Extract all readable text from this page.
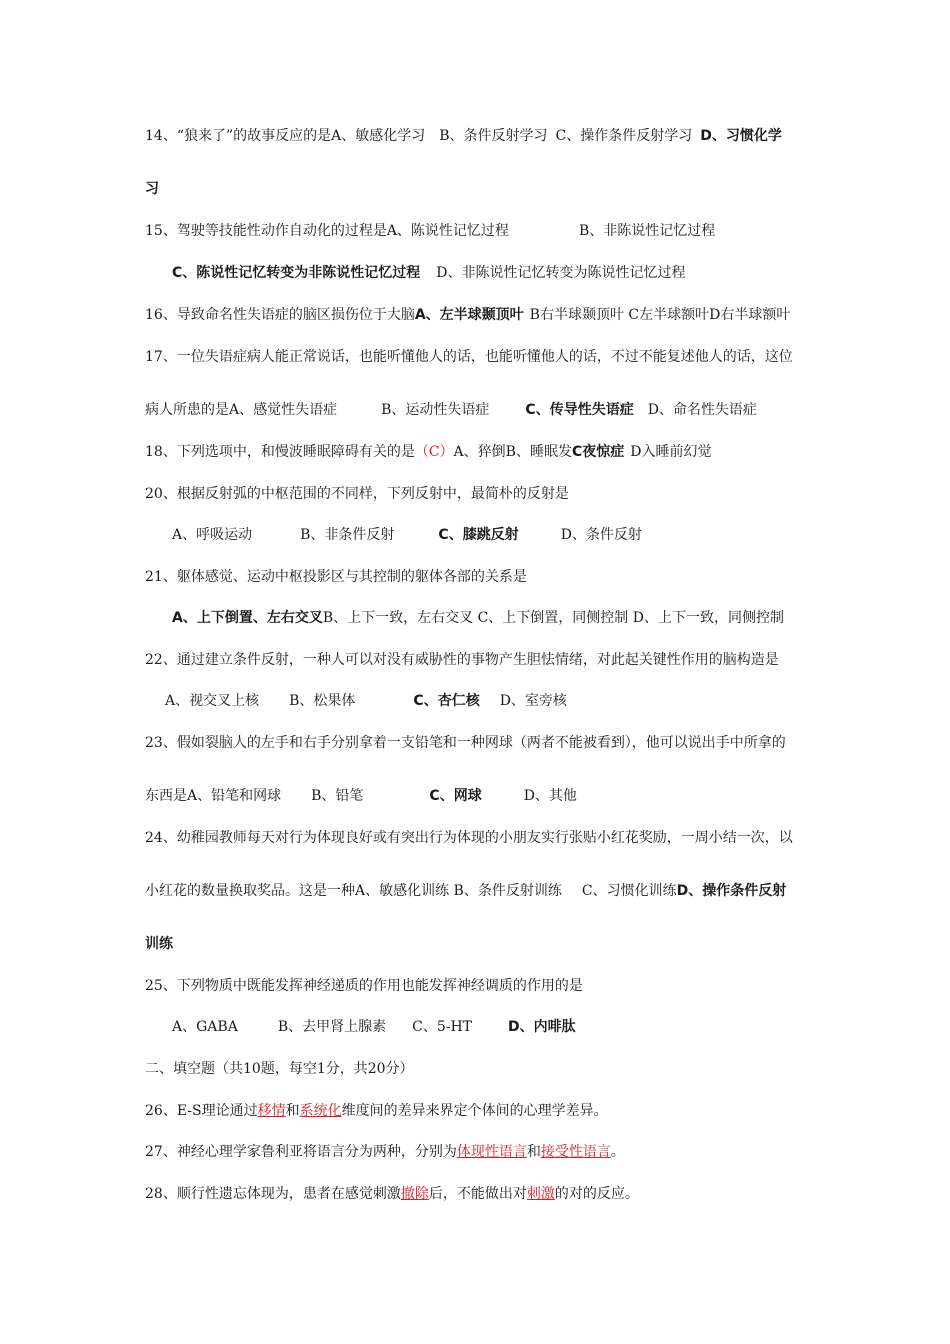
14、“狼来了”的故事反应的是A、敏感化学习 B、条件反射学习 C、操作条件反射学习 D、习惯化学
习
15、驾驶等技能性动作自动化的过程是A、陈说性记忆过程	B、非陈说性记忆过程
C、陈说性记忆转变为非陈说性记忆过程 D、非陈说性记忆转变为陈说性记忆过程
16、导致命名性失语症的脑区损伤位于大脑A、左半球颞顶叶 B右半球颞顶叶 C左半球额叶D右半球额叶
17、一位失语症病人能正常说话，也能听懂他人的话，也能听懂他人的话，不过不能复述他人的话，这位
病人所患的是A、感觉性失语症	B、运动性失语症	C、传导性失语症 D、命名性失语症
18、下列选项中，和慢波睡眠障碍有关的是（C）A、猝倒B、睡眠发C夜惊症 D入睡前幻觉
20、根据反射弧的中枢范围的不同样，下列反射中，最简朴的反射是
A、呼吸运动	B、非条件反射	C、膝跳反射	D、条件反射
21、躯体感觉、运动中枢投影区与其控制的躯体各部的关系是
A、上下倒置、左右交叉B、上下一致，左右交叉 C、上下倒置，同侧控制 D、上下一致，同侧控制
22、通过建立条件反射，一种人可以对没有威胁性的事物产生胆怯情绪，对此起关键性作用的脑构造是
A、视交叉上核 B、松果体	C、杏仁核 D、室旁核
23、假如裂脑人的左手和右手分别拿着一支铅笔和一种网球（两者不能被看到），他可以说出手中所拿的
东西是A、铅笔和网球 B、铅笔	C、网球	D、其他
24、幼稚园教师每天对行为体现良好或有突出行为体现的小朋友实行张贴小红花奖励，一周小结一次，以
小红花的数量换取奖品。这是一种A、敏感化训练 B、条件反射训练 C、习惯化训练D、操作条件反射
训练
25、下列物质中既能发挥神经递质的作用也能发挥神经调质的作用的是
A、GABA	B、去甲肾上腺素 C、5-HT	D、内啡肽
二、填空题（共10题，每空1分，共20分）
26、E-S理论通过移情和系统化维度间的差异来界定个体间的心理学差异。
27、神经心理学家鲁利亚将语言分为两种，分别为体现性语言和接受性语言。
28、顺行性遗忘体现为，患者在感觉刺激撤除后，不能做出对刺激的对的反应。
